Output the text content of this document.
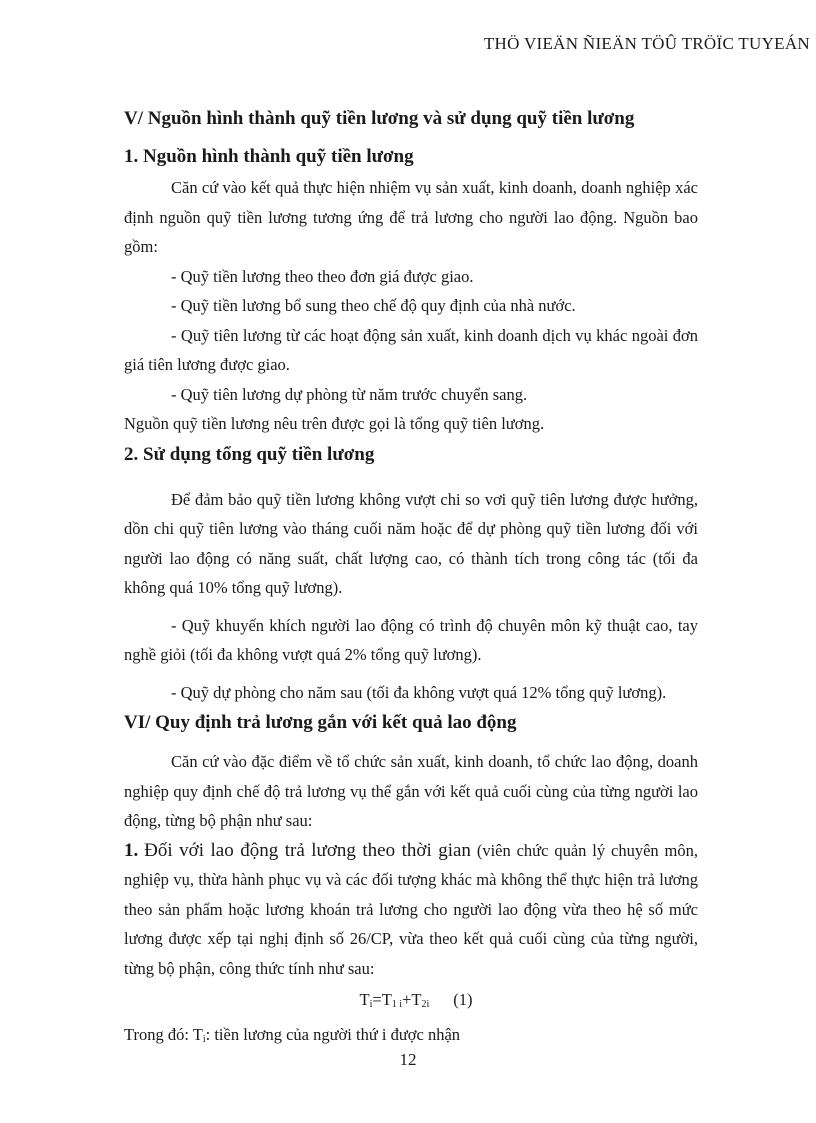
THÖ VIEÄN ÑIEÄN TÖÛ TRÖÏC TUYEÁN
V/ Nguồn hình thành quỹ tiền lương và sử dụng quỹ tiền lương
1. Nguồn hình thành quỹ tiền lương

Căn cứ vào kết quả thực hiện nhiệm vụ sản xuất, kinh doanh, doanh nghiệp xác định nguồn quỹ tiền lương tương ứng để trả lương cho người lao động. Nguồn bao gồm:

- Quỹ tiền lương theo theo đơn giá được giao.

- Quỹ tiền lương bổ sung theo chế độ quy định của nhà nước.

- Quỹ tiên lương từ các hoạt động sản xuất, kinh doanh dịch vụ khác ngoài đơn giá tiên lương được giao.

- Quỹ tiên lương dự phòng từ năm trước chuyển sang.

Nguồn quỹ tiền lương nêu trên được gọi là tổng quỹ tiên lương.

2. Sử dụng tổng quỹ tiền lương

Để đảm bảo quỹ tiền lương không vượt chi so vơi quỹ tiên lương được hưởng, dồn chi quỹ tiên lương vào tháng cuối năm hoặc để dự phòng quỹ tiền lương đối với người lao động có năng suất, chất lượng cao, có thành tích trong công tác (tối đa không quá 10% tổng quỹ lương).

- Quỹ khuyến khích người lao động có trình độ chuyên môn kỹ thuật cao, tay nghề giỏi (tối đa không vượt quá 2% tổng quỹ lương).

- Quỹ dự phòng cho năm sau (tối đa không vượt quá 12% tổng quỹ lương).

VI/ Quy định trả lương gắn với kết quả lao động

Căn cứ vào đặc điểm về tổ chức sản xuất, kinh doanh, tổ chức lao động, doanh nghiệp quy định chế độ trả lương vụ thể gắn với kết quả cuối cùng của từng người lao động, từng bộ phận như sau:

1. Đối với lao động trả lương theo thời gian (viên chức quản lý chuyên môn, nghiệp vụ, thừa hành phục vụ và các đối tượng khác mà không thể thực hiện trả lương theo sản phẩm hoặc lương khoán trả lương cho người lao động vừa theo hệ số mức lương được xếp tại nghị định số 26/CP, vừa theo kết quả cuối cùng của từng người, từng bộ phận, công thức tính như sau:

$T_i=T_{1 i}+T_{2i}$ (1)

Trong đó: $T_i$: tiền lương của người thứ i được nhận

12
